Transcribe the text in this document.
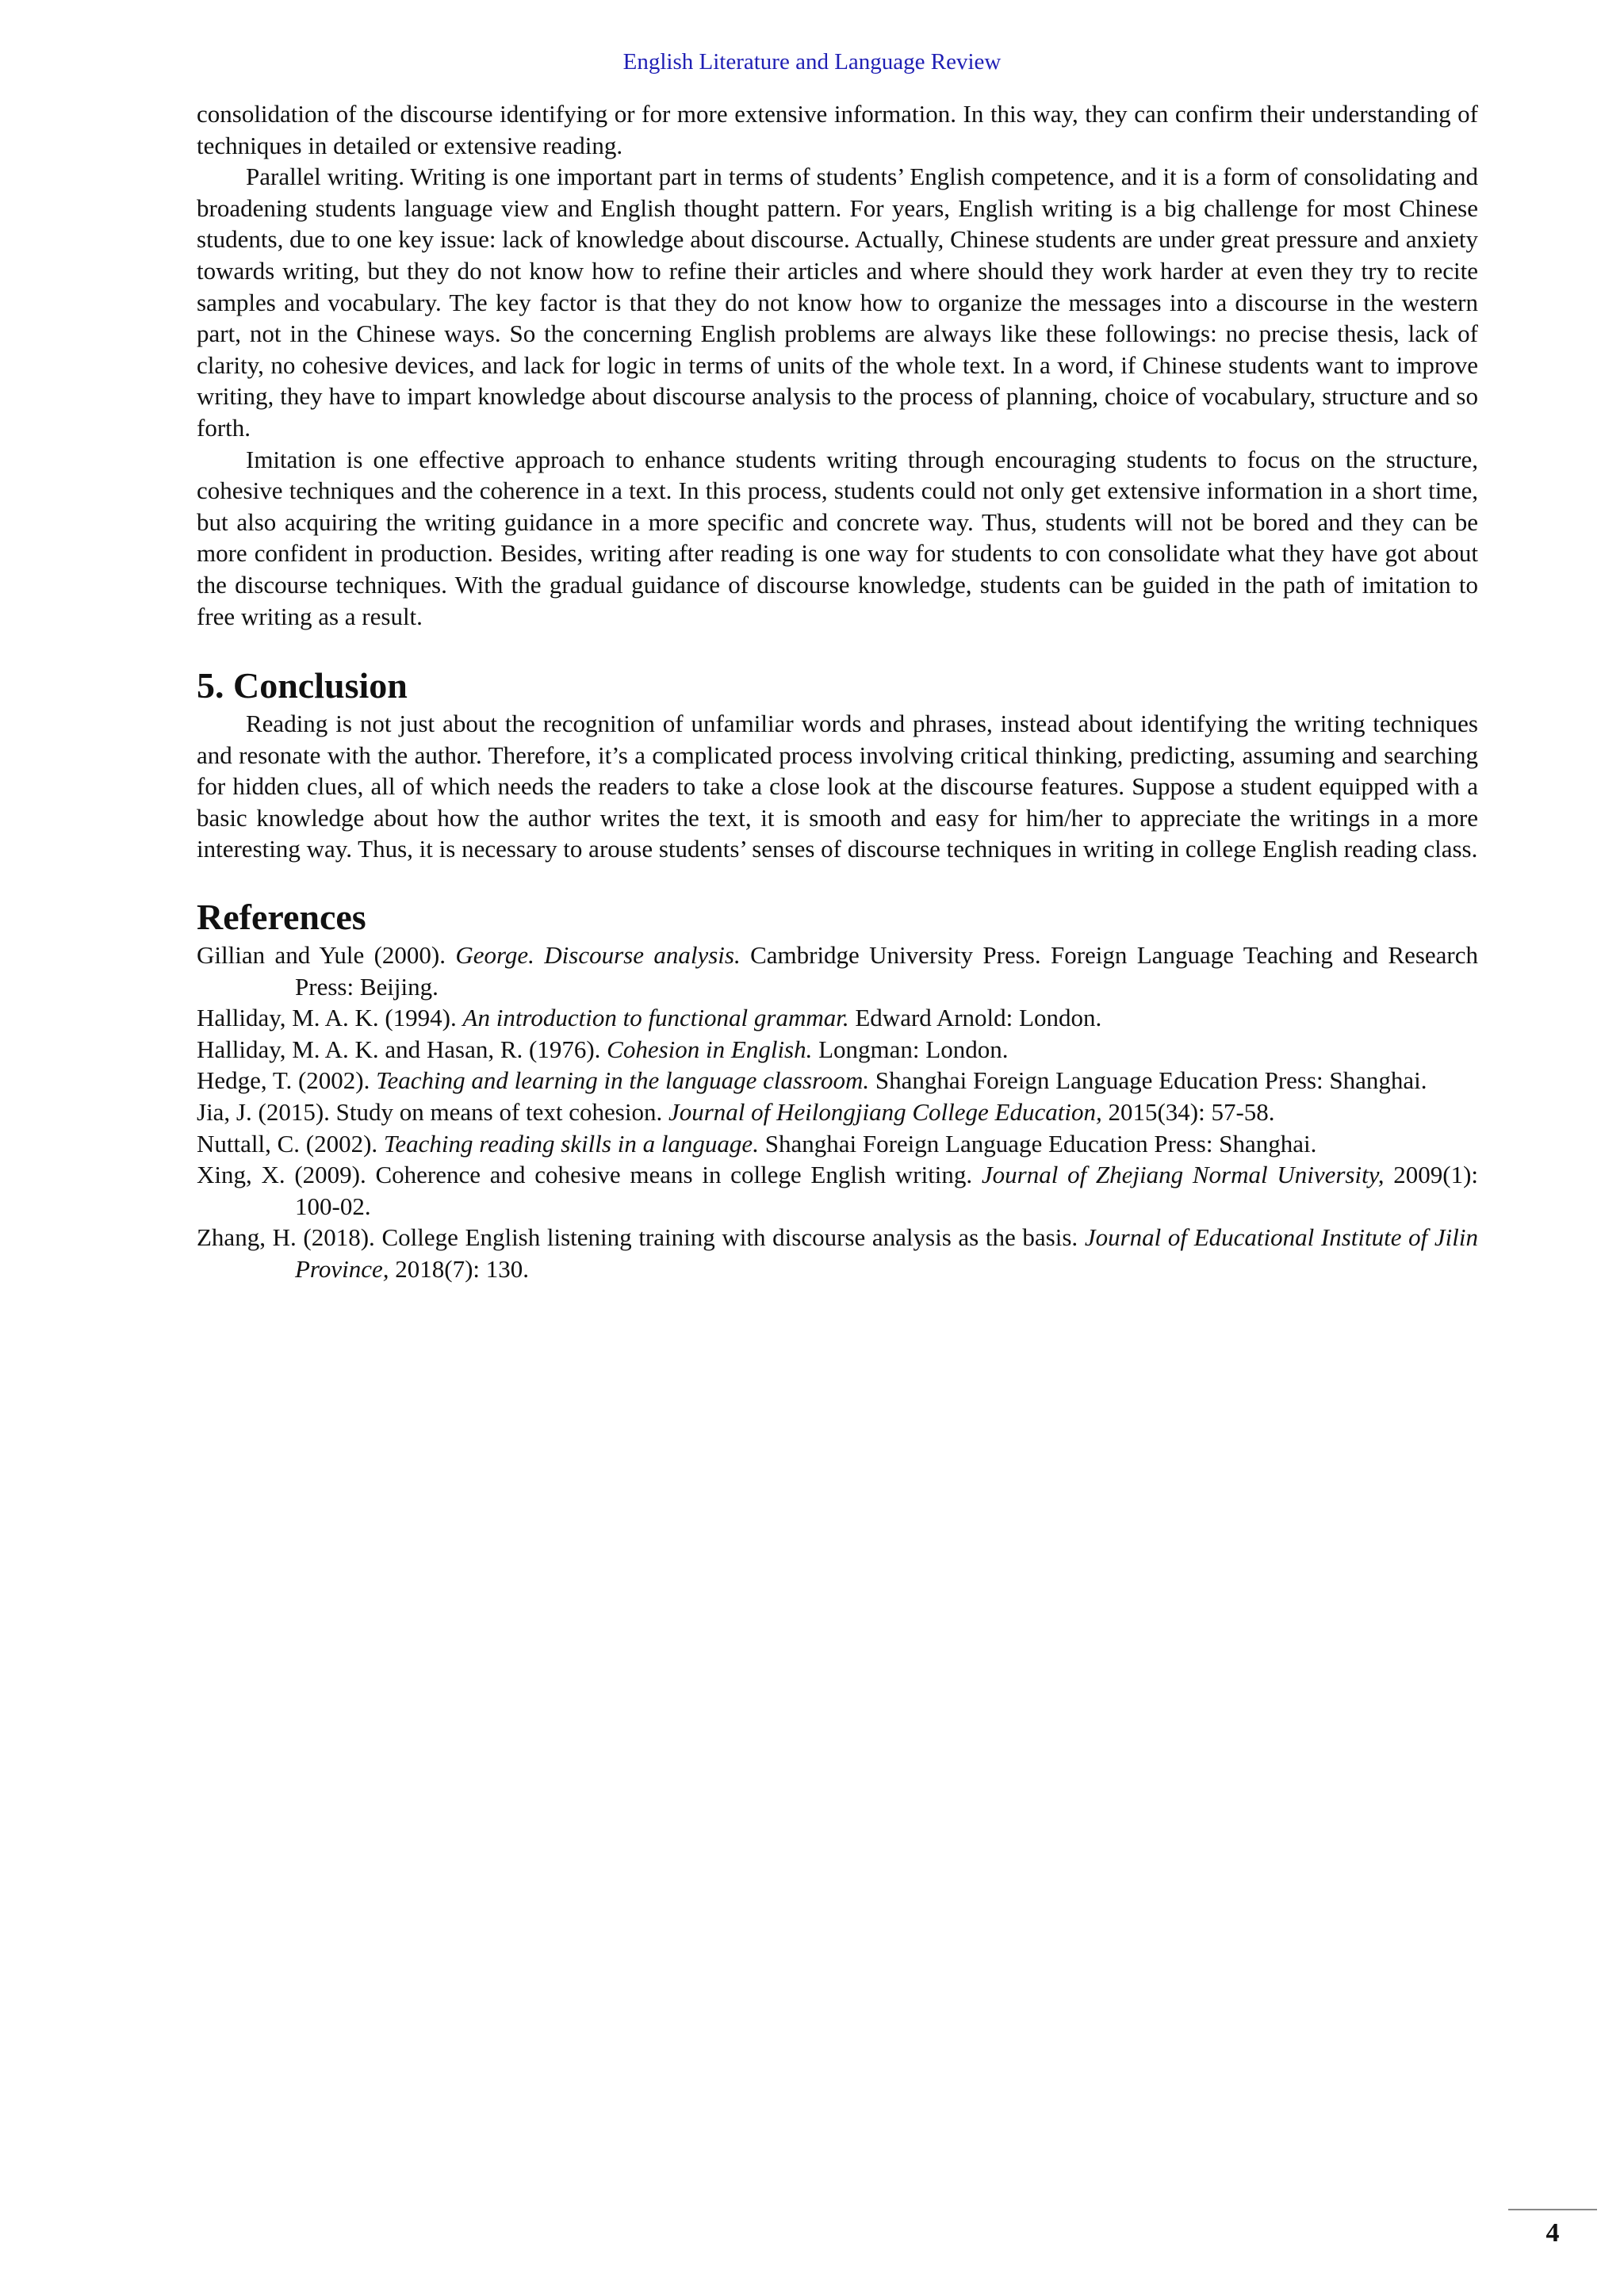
English Literature and Language Review

consolidation of the discourse identifying or for more extensive information. In this way, they can confirm their understanding of techniques in detailed or extensive reading.

Parallel writing. Writing is one important part in terms of students’ English competence, and it is a form of consolidating and broadening students language view and English thought pattern. For years, English writing is a big challenge for most Chinese students, due to one key issue: lack of knowledge about discourse. Actually, Chinese students are under great pressure and anxiety towards writing, but they do not know how to refine their articles and where should they work harder at even they try to recite samples and vocabulary. The key factor is that they do not know how to organize the messages into a discourse in the western part, not in the Chinese ways. So the concerning English problems are always like these followings: no precise thesis, lack of clarity, no cohesive devices, and lack for logic in terms of units of the whole text. In a word, if Chinese students want to improve writing, they have to impart knowledge about discourse analysis to the process of planning, choice of vocabulary, structure and so forth.

Imitation is one effective approach to enhance students writing through encouraging students to focus on the structure, cohesive techniques and the coherence in a text. In this process, students could not only get extensive information in a short time, but also acquiring the writing guidance in a more specific and concrete way. Thus, students will not be bored and they can be more confident in production. Besides, writing after reading is one way for students to con consolidate what they have got about the discourse techniques. With the gradual guidance of discourse knowledge, students can be guided in the path of imitation to free writing as a result.

5. Conclusion

Reading is not just about the recognition of unfamiliar words and phrases, instead about identifying the writing techniques and resonate with the author. Therefore, it’s a complicated process involving critical thinking, predicting, assuming and searching for hidden clues, all of which needs the readers to take a close look at the discourse features. Suppose a student equipped with a basic knowledge about how the author writes the text, it is smooth and easy for him/her to appreciate the writings in a more interesting way. Thus, it is necessary to arouse students’ senses of discourse techniques in writing in college English reading class.

References
Gillian and Yule (2000). George. Discourse analysis. Cambridge University Press. Foreign Language Teaching and Research Press: Beijing.
Halliday, M. A. K. (1994). An introduction to functional grammar. Edward Arnold: London.
Halliday, M. A. K. and Hasan, R. (1976). Cohesion in English. Longman: London.
Hedge, T. (2002). Teaching and learning in the language classroom. Shanghai Foreign Language Education Press: Shanghai.
Jia, J. (2015). Study on means of text cohesion. Journal of Heilongjiang College Education, 2015(34): 57-58.
Nuttall, C. (2002). Teaching reading skills in a language. Shanghai Foreign Language Education Press: Shanghai.
Xing, X. (2009). Coherence and cohesive means in college English writing. Journal of Zhejiang Normal University, 2009(1): 100-02.
Zhang, H. (2018). College English listening training with discourse analysis as the basis. Journal of Educational Institute of Jilin Province, 2018(7): 130.
4
